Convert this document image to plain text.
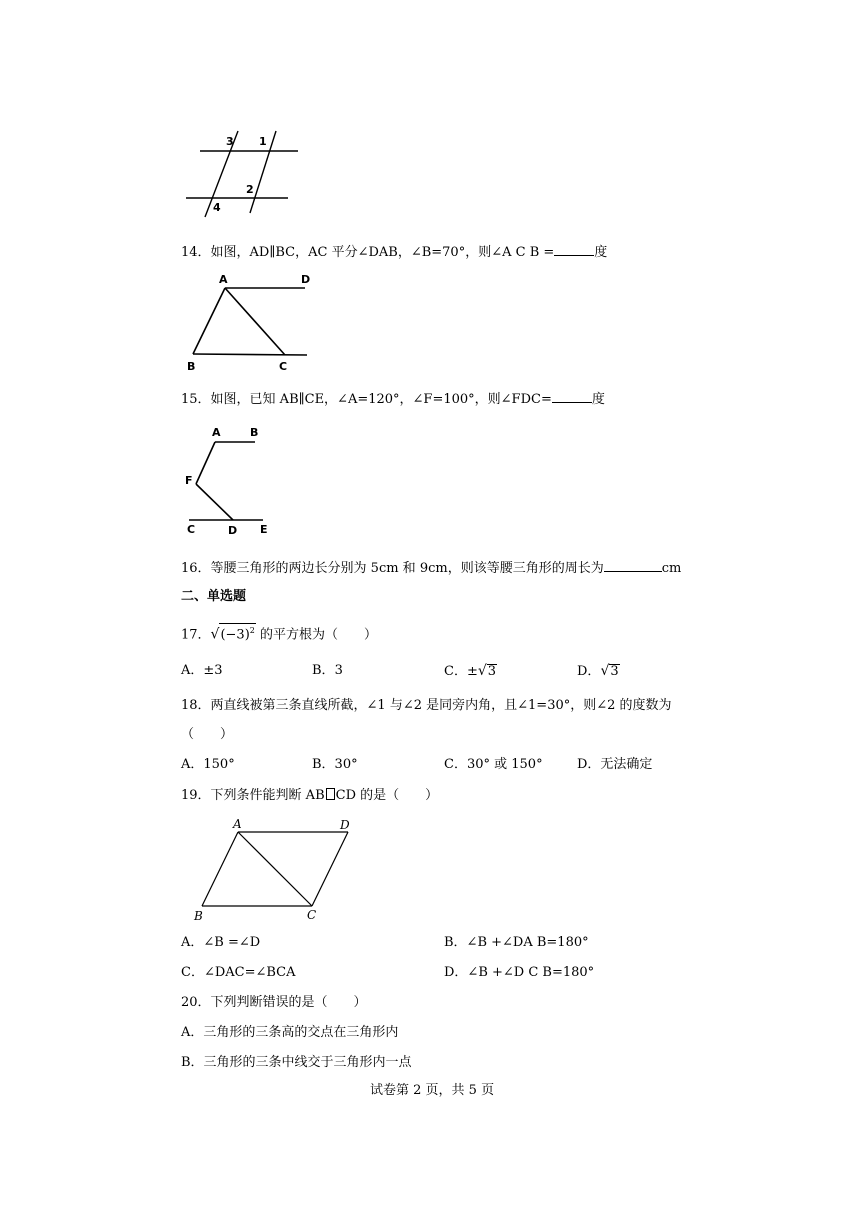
3 1
2
4
14．如图，AD∥BC，AC 平分∠DAB，∠B=70°，则∠A C B =	度
A	D
B	C
15．如图，已知 AB∥CE，∠A=120°，∠F=100°，则∠FDC=	度
A	B
F
C	D E
16．等腰三角形的两边长分别为 5cm 和 9cm，则该等腰三角形的周长为	cm
二、单选题
17．$√(-3)^2$ 的平方根为（　　）
A．±3	B．3	C．±√3	D．√3
18．两直线被第三条直线所截，∠1 与∠2 是同旁内角，且∠1=30°，则∠2 的度数为
（　　）
A．150°	B．30°	C．30° 或 150°	D．无法确定
19．下列条件能判断 AB CD 的是（　　）
A	D
B	C
A．∠B =∠D	B．∠B +∠DA B=180°
C．∠DAC=∠BCA	D．∠B +∠D C B=180°
20．下列判断错误的是（　　）
A．三角形的三条高的交点在三角形内
B．三角形的三条中线交于三角形内一点
试卷第 2 页，共 5 页
